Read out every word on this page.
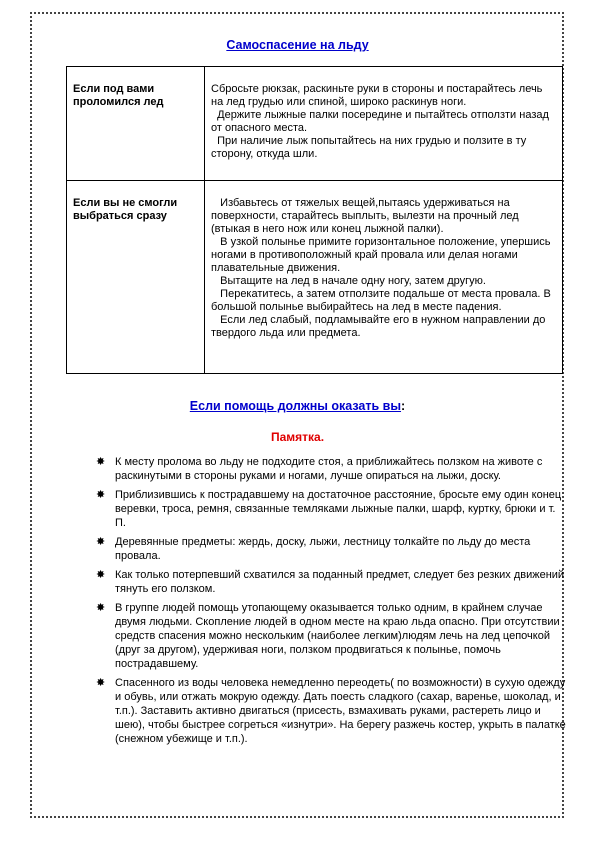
Самоспасение на льду
Если под вами проломился лед	Сбросьте рюкзак, раскиньте руки в стороны и постарайтесь лечь на лед грудью или спиной, широко раскинув ноги.

Держите лыжные палки посередине и пытайтесь отползти назад от опасного места.

При наличие лыж попытайтесь на них грудью и ползите в ту сторону, откуда шли.

Если вы не смогли выбраться сразу	Избавьтесь от тяжелых вещей,пытаясь удерживаться на поверхности, старайтесь выплыть, вылезти на прочный лед (втыкая в него нож или конец лыжной палки).

В узкой полынье примите горизонтальное положение, упершись ногами в противоположный край провала или делая ногами плавательные движения.

Вытащите на лед в начале одну ногу, затем другую.

Перекатитесь, а затем отползите подальше от места провала. В большой полынье выбирайтесь на лед в месте падения.

Если лед слабый, подламывайте его в нужном направлении до твердого льда или предмета.

Если помощь должны оказать вы:
Памятка.
✸ К месту пролома во льду не подходите стоя, а приближайтесь ползком на животе с раскинутыми в стороны руками и ногами, лучше опираться на лыжи, доску.
✸ Приблизившись к пострадавшему на достаточное расстояние, бросьте ему один конец веревки, троса, ремня, связанные темляками лыжные палки, шарф, куртку, брюки и т. П.
✸ Деревянные предметы: жердь, доску, лыжи, лестницу толкайте по льду до места провала.
✸ Как только потерпевший схватился за поданный предмет, следует без резких движений тянуть его ползком.
✸ В группе людей помощь утопающему оказывается только одним, в крайнем случае двумя людьми. Скопление людей в одном месте на краю льда опасно. При отсутствии средств спасения можно нескольким (наиболее легким)людям лечь на лед цепочкой (друг за другом), удерживая ноги, ползком продвигаться к полынье, помочь пострадавшему.
✸ Спасенного из воды человека немедленно переодеть( по возможности) в сухую одежду и обувь, или отжать мокрую одежду. Дать поесть сладкого (сахар, варенье, шоколад, и т.п.). Заставить активно двигаться (присесть, взмахивать руками, растереть лицо и шею), чтобы быстрее согреться «изнутри». На берегу разжечь костер, укрыть в палатке (снежном убежище и т.п.).
